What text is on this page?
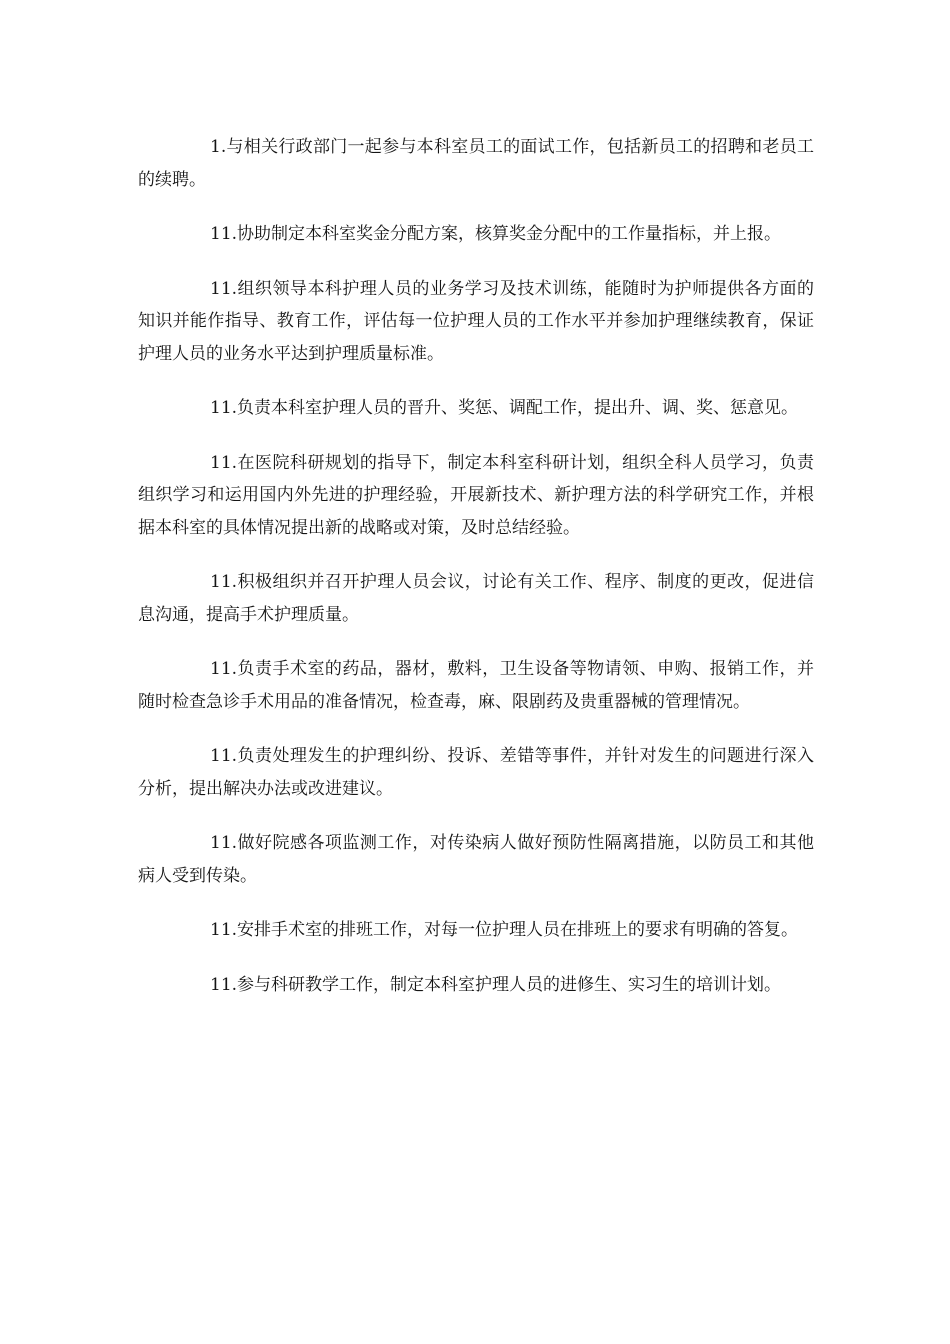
1.与相关行政部门一起参与本科室员工的面试工作，包括新员工的招聘和老员工的续聘。

11.协助制定本科室奖金分配方案，核算奖金分配中的工作量指标，并上报。

11.组织领导本科护理人员的业务学习及技术训练，能随时为护师提供各方面的知识并能作指导、教育工作，评估每一位护理人员的工作水平并参加护理继续教育，保证护理人员的业务水平达到护理质量标准。

11.负责本科室护理人员的晋升、奖惩、调配工作，提出升、调、奖、惩意见。

11.在医院科研规划的指导下，制定本科室科研计划，组织全科人员学习，负责组织学习和运用国内外先进的护理经验，开展新技术、新护理方法的科学研究工作，并根据本科室的具体情况提出新的战略或对策，及时总结经验。

11.积极组织并召开护理人员会议，讨论有关工作、程序、制度的更改，促进信息沟通，提高手术护理质量。

11.负责手术室的药品，器材，敷料，卫生设备等物请领、申购、报销工作，并随时检查急诊手术用品的准备情况，检查毒，麻、限剧药及贵重器械的管理情况。

11.负责处理发生的护理纠纷、投诉、差错等事件，并针对发生的问题进行深入分析，提出解决办法或改进建议。

11.做好院感各项监测工作，对传染病人做好预防性隔离措施，以防员工和其他病人受到传染。

11.安排手术室的排班工作，对每一位护理人员在排班上的要求有明确的答复。

11.参与科研教学工作，制定本科室护理人员的进修生、实习生的培训计划。
